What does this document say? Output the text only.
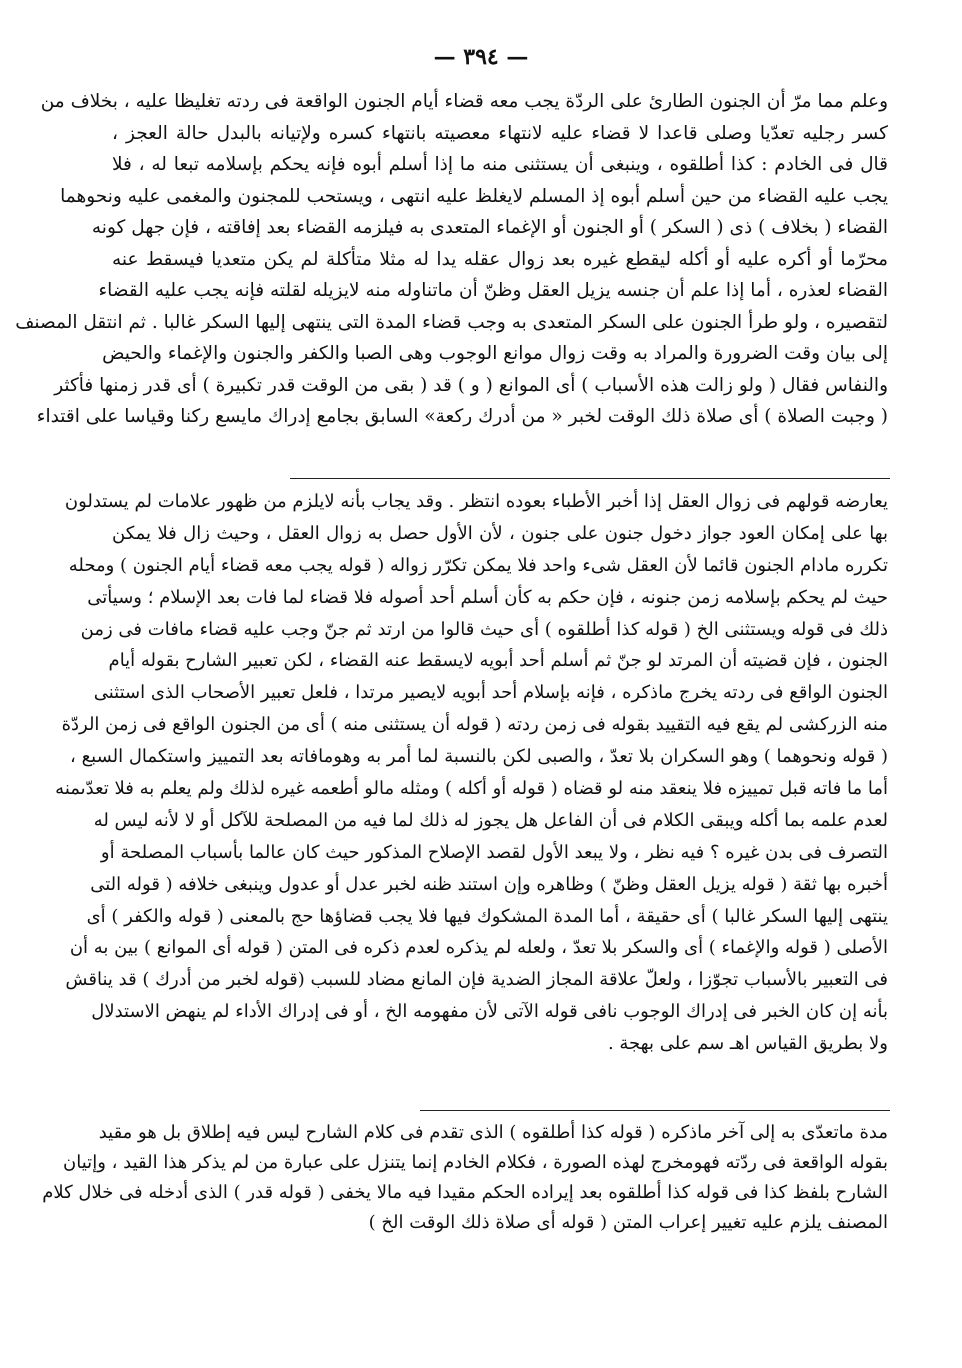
— ٣٩٤ —
وعلم مما مرّ أن الجنون الطارئ على الردّة يجب معه قضاء أيام الجنون الواقعة فى ردته تغليظا عليه ، بخلاف من
كسر رجليه تعدّيا وصلى قاعدا لا قضاء عليه لانتهاء معصيته بانتهاء كسره ولإتيانه بالبدل حالة العجز ،
قال فى الخادم : كذا أطلقوه ، وينبغى أن يستثنى منه ما إذا أسلم أبوه فإنه يحكم بإسلامه تبعا له ، فلا
يجب عليه القضاء من حين أسلم أبوه إذ المسلم لايغلظ عليه انتهى ، ويستحب للمجنون والمغمى عليه ونحوهما
القضاء ( بخلاف ) ذى ( السكر ) أو الجنون أو الإغماء المتعدى به فيلزمه القضاء بعد إفاقته ، فإن جهل كونه
محرّما أو أكره عليه أو أكله ليقطع غيره بعد زوال عقله يدا له مثلا متأكلة لم يكن متعديا فيسقط عنه
القضاء لعذره ، أما إذا علم أن جنسه يزيل العقل وظنّ أن ماتناوله منه لايزيله لقلته فإنه يجب عليه القضاء
لتقصيره ، ولو طرأ الجنون على السكر المتعدى به وجب قضاء المدة التى ينتهى إليها السكر غالبا . ثم انتقل المصنف
إلى بيان وقت الضرورة والمراد به وقت زوال موانع الوجوب وهى الصبا والكفر والجنون والإغماء والحيض
والنفاس فقال ( ولو زالت هذه الأسباب ) أى الموانع ( و ) قد ( بقى من الوقت قدر تكبيرة ) أى قدر زمنها فأكثر
( وجبت الصلاة ) أى صلاة ذلك الوقت لخبر « من أدرك ركعة» السابق بجامع إدراك مايسع ركنا وقياسا على اقتداء
يعارضه قولهم فى زوال العقل إذا أخبر الأطباء بعوده انتظر . وقد يجاب بأنه لايلزم من ظهور علامات لم يستدلون
بها على إمكان العود جواز دخول جنون على جنون ، لأن الأول حصل به زوال العقل ، وحيث زال فلا يمكن
تكرره مادام الجنون قائما لأن العقل شىء واحد فلا يمكن تكرّر زواله ( قوله يجب معه قضاء أيام الجنون ) ومحله
حيث لم يحكم بإسلامه زمن جنونه ، فإن حكم به كأن أسلم أحد أصوله فلا قضاء لما فات بعد الإسلام ؛ وسيأتى
ذلك فى قوله ويستثنى الخ ( قوله كذا أطلقوه ) أى حيث قالوا من ارتد ثم جنّ وجب عليه قضاء مافات فى زمن
الجنون ، فإن قضيته أن المرتد لو جنّ ثم أسلم أحد أبويه لايسقط عنه القضاء ، لكن تعبير الشارح بقوله أيام
الجنون الواقع فى ردته يخرج ماذكره ، فإنه بإسلام أحد أبويه لايصير مرتدا ، فلعل تعبير الأصحاب الذى استثنى
منه الزركشى لم يقع فيه التقييد بقوله فى زمن ردته ( قوله أن يستثنى منه ) أى من الجنون الواقع فى زمن الردّة
( قوله ونحوهما ) وهو السكران بلا تعدّ ، والصبى لكن بالنسبة لما أمر به وهومافاته بعد التمييز واستكمال السبع ،
أما ما فاته قبل تمييزه فلا ينعقد منه لو قضاه ( قوله أو أكله ) ومثله مالو أطعمه غيره لذلك ولم يعلم به فلا تعدّىمنه
لعدم علمه بما أكله ويبقى الكلام فى أن الفاعل هل يجوز له ذلك لما فيه من المصلحة للآكل أو لا لأنه ليس له
التصرف فى بدن غيره ؟ فيه نظر ، ولا يبعد الأول لقصد الإصلاح المذكور حيث كان عالما بأسباب المصلحة أو
أخبره بها ثقة ( قوله يزيل العقل وظنّ ) وظاهره وإن استند ظنه لخبر عدل أو عدول وينبغى خلافه ( قوله التى
ينتهى إليها السكر غالبا ) أى حقيقة ، أما المدة المشكوك فيها فلا يجب قضاؤها حج بالمعنى ( قوله والكفر ) أى
الأصلى ( قوله والإغماء ) أى والسكر بلا تعدّ ، ولعله لم يذكره لعدم ذكره فى المتن ( قوله أى الموانع ) بين به أن
فى التعبير بالأسباب تجوّزا ، ولعلّ علاقة المجاز الضدية فإن المانع مضاد للسبب (قوله لخبر من أدرك ) قد يناقش
بأنه إن كان الخبر فى إدراك الوجوب نافى قوله الآتى لأن مفهومه الخ ، أو فى إدراك الأداء لم ينهض الاستدلال
ولا بطريق القياس اهـ سم على بهجة .
مدة ماتعدّى به إلى آخر ماذكره ( قوله كذا أطلقوه ) الذى تقدم فى كلام الشارح ليس فيه إطلاق بل هو مقيد
بقوله الواقعة فى ردّته فهومخرج لهذه الصورة ، فكلام الخادم إنما يتنزل على عبارة من لم يذكر هذا القيد ، وإتيان
الشارح بلفظ كذا فى قوله كذا أطلقوه بعد إيراده الحكم مقيدا فيه مالا يخفى ( قوله قدر ) الذى أدخله فى خلال كلام
المصنف يلزم عليه تغيير إعراب المتن ( قوله أى صلاة ذلك الوقت الخ )
